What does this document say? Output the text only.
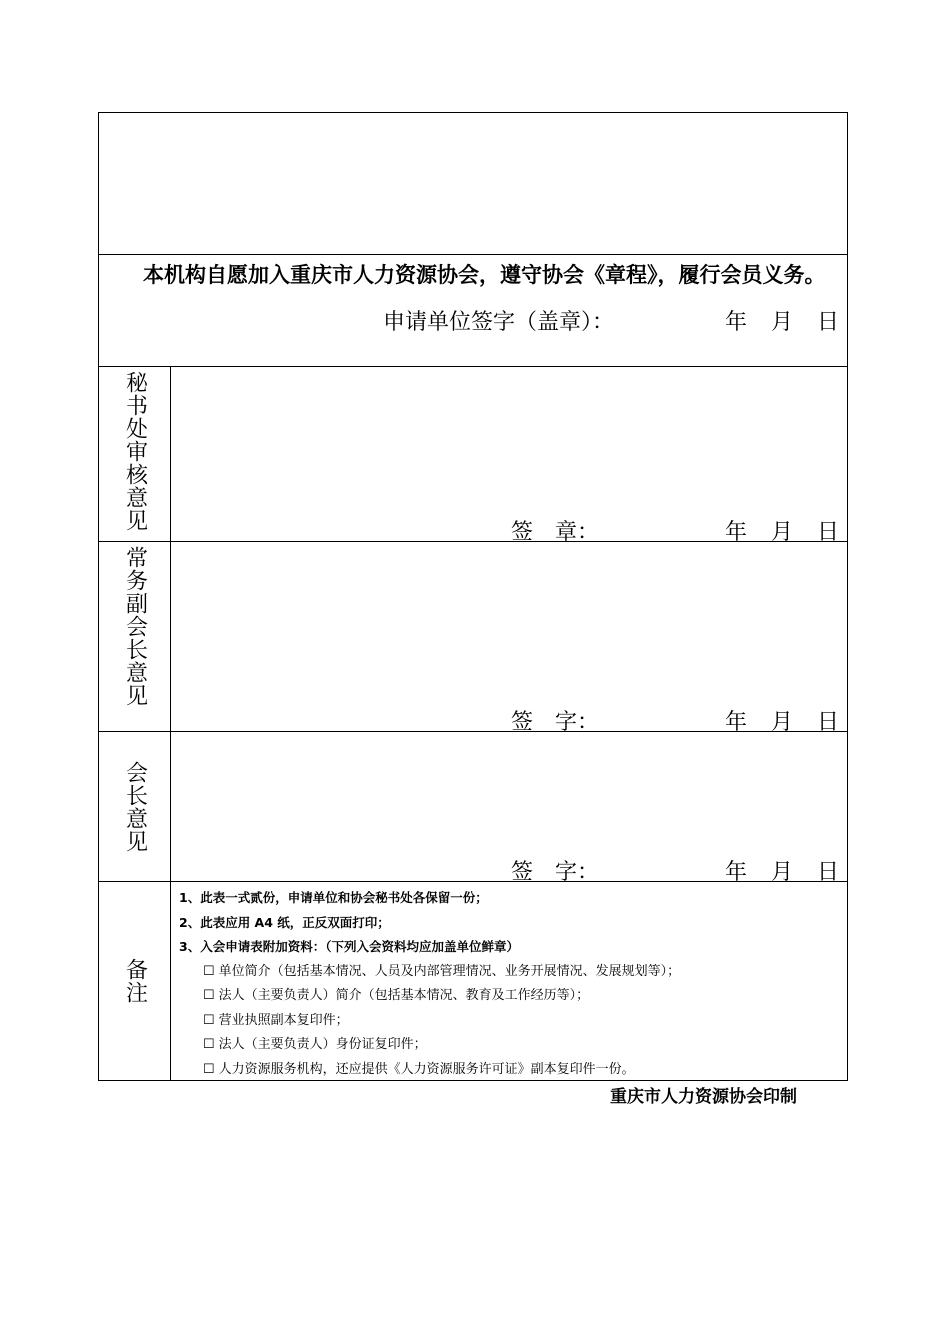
本机构自愿加入重庆市人力资源协会，遵守协会《章程》，履行会员义务。
申请单位签字（盖章）：	年 月 日
秘书处审核意见
签　章：	年 月 日
常务副会长意见
签　字：	年 月 日
会长意见
签　字：	年 月 日
备注
1、此表一式贰份，申请单位和协会秘书处各保留一份；
2、此表应用 A4 纸，正反双面打印；
3、入会申请表附加资料：（下列入会资料均应加盖单位鲜章）
☐ 单位简介（包括基本情况、人员及内部管理情况、业务开展情况、发展规划等）；
☐ 法人（主要负责人）简介（包括基本情况、教育及工作经历等）；
☐ 营业执照副本复印件；
☐ 法人（主要负责人）身份证复印件；
☐ 人力资源服务机构，还应提供《人力资源服务许可证》副本复印件一份。
重庆市人力资源协会印制
